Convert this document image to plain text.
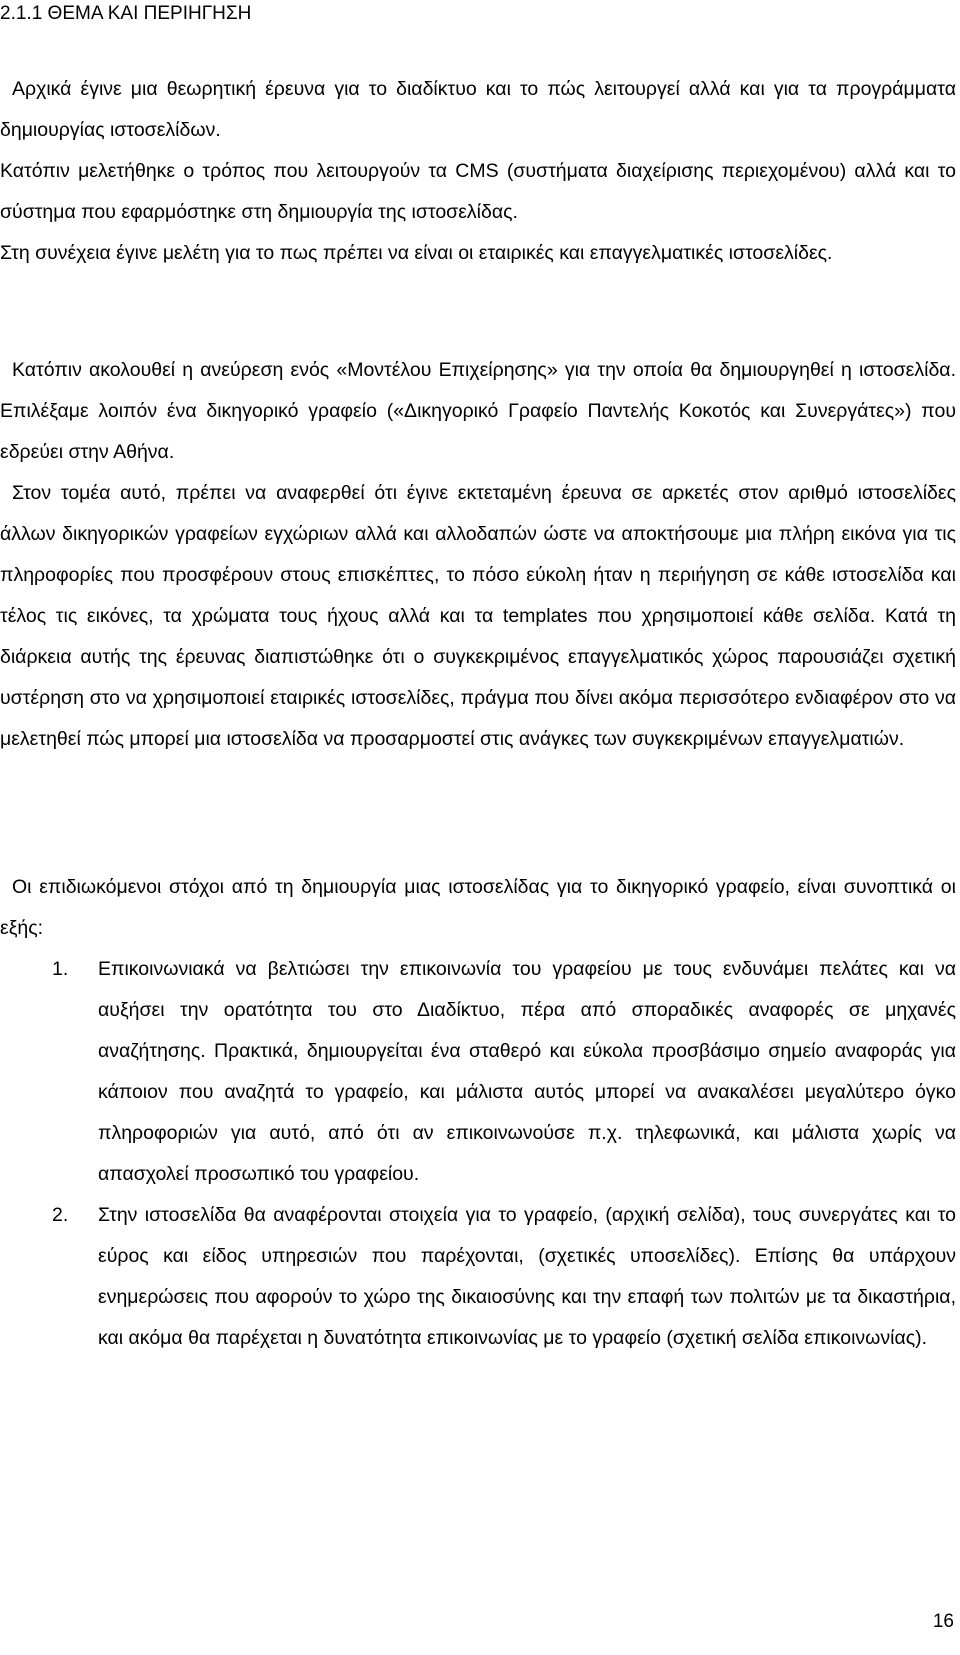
2.1.1 ΘΕΜΑ ΚΑΙ ΠΕΡΙΗΓΗΣΗ

Αρχικά έγινε μια θεωρητική έρευνα για το διαδίκτυο και το πώς λειτουργεί αλλά και για τα προγράμματα δημιουργίας ιστοσελίδων.

Κατόπιν μελετήθηκε ο τρόπος που λειτουργούν τα CMS (συστήματα διαχείρισης περιεχομένου) αλλά και το σύστημα που εφαρμόστηκε στη δημιουργία της ιστοσελίδας.

Στη συνέχεια έγινε μελέτη για το πως πρέπει να είναι οι εταιρικές και επαγγελματικές ιστοσελίδες.

Κατόπιν ακολουθεί η ανεύρεση ενός «Μοντέλου Επιχείρησης» για την οποία θα δημιουργηθεί η ιστοσελίδα. Επιλέξαμε λοιπόν ένα δικηγορικό γραφείο («Δικηγορικό Γραφείο Παντελής Κοκοτός και Συνεργάτες») που εδρεύει στην Αθήνα.

Στον τομέα αυτό, πρέπει να αναφερθεί ότι έγινε εκτεταμένη έρευνα σε αρκετές στον αριθμό ιστοσελίδες άλλων δικηγορικών γραφείων εγχώριων αλλά και αλλοδαπών ώστε να αποκτήσουμε μια πλήρη εικόνα για τις πληροφορίες που προσφέρουν στους επισκέπτες, το πόσο εύκολη ήταν η περιήγηση σε κάθε ιστοσελίδα και τέλος τις εικόνες, τα χρώματα τους ήχους αλλά και τα templates που χρησιμοποιεί κάθε σελίδα. Κατά τη διάρκεια αυτής της έρευνας διαπιστώθηκε ότι ο συγκεκριμένος επαγγελματικός χώρος παρουσιάζει σχετική υστέρηση στο να χρησιμοποιεί εταιρικές ιστοσελίδες, πράγμα που δίνει ακόμα περισσότερο ενδιαφέρον στο να μελετηθεί πώς μπορεί μια ιστοσελίδα να προσαρμοστεί στις ανάγκες των συγκεκριμένων επαγγελματιών.

Οι επιδιωκόμενοι στόχοι από τη δημιουργία μιας ιστοσελίδας για το δικηγορικό γραφείο, είναι συνοπτικά οι εξής:

1. Επικοινωνιακά να βελτιώσει την επικοινωνία του γραφείου με τους ενδυνάμει πελάτες και να αυξήσει την ορατότητα του στο Διαδίκτυο, πέρα από σποραδικές αναφορές σε μηχανές αναζήτησης. Πρακτικά, δημιουργείται ένα σταθερό και εύκολα προσβάσιμο σημείο αναφοράς για κάποιον που αναζητά το γραφείο, και μάλιστα αυτός μπορεί να ανακαλέσει μεγαλύτερο όγκο πληροφοριών για αυτό, από ότι αν επικοινωνούσε π.χ. τηλεφωνικά, και μάλιστα χωρίς να απασχολεί προσωπικό του γραφείου.
2. Στην ιστοσελίδα θα αναφέρονται στοιχεία για το γραφείο, (αρχική σελίδα), τους συνεργάτες και το εύρος και είδος υπηρεσιών που παρέχονται, (σχετικές υποσελίδες). Επίσης θα υπάρχουν ενημερώσεις που αφορούν το χώρο της δικαιοσύνης και την επαφή των πολιτών με τα δικαστήρια, και ακόμα θα παρέχεται η δυνατότητα επικοινωνίας με το γραφείο (σχετική σελίδα επικοινωνίας).
16
